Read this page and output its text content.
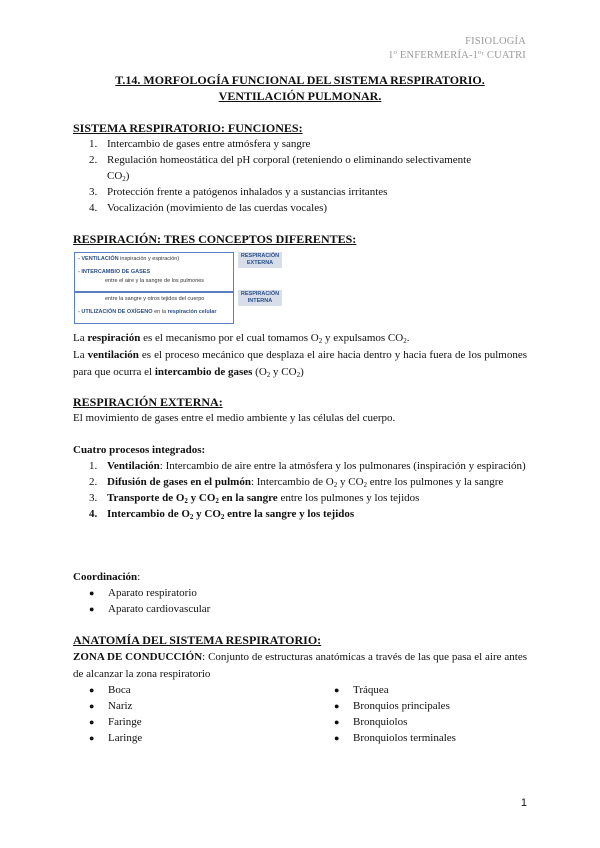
FISIOLOGÍA
1º ENFERMERÍA-1ºʳ CUATRI
T.14. MORFOLOGÍA FUNCIONAL DEL SISTEMA RESPIRATORIO.
VENTILACIÓN PULMONAR.
SISTEMA RESPIRATORIO: FUNCIONES:
1. Intercambio de gases entre atmósfera y sangre
2. Regulación homeostática del pH corporal (reteniendo o eliminando selectivamente
$CO_2$)
3. Protección frente a patógenos inhalados y a sustancias irritantes
4. Vocalización (movimiento de las cuerdas vocales)
RESPIRACIÓN: TRES CONCEPTOS DIFERENTES:
- VENTILACIÓN inspiración y espiración)
- INTERCAMBIO DE GASES
entre el aire y la sangre de los pulmones
entre la sangre y otros tejidos del cuerpo
- UTILIZACIÓN DE OXÍGENO en la respiración celular
RESPIRACIÓN EXTERNA
RESPIRACIÓN INTERNA
La respiración es el mecanismo por el cual tomamos $O_2$ y expulsamos $CO_2$.
La ventilación es el proceso mecánico que desplaza el aire hacia dentro y hacia fuera de los pulmones para que ocurra el intercambio de gases ($O_2$ y $CO_2$)
RESPIRACIÓN EXTERNA:
El movimiento de gases entre el medio ambiente y las células del cuerpo.
Cuatro procesos integrados:
1. Ventilación: Intercambio de aire entre la atmósfera y los pulmonares (inspiración y espiración)
2. Difusión de gases en el pulmón: Intercambio de $O_2$ y $CO_2$ entre los pulmones y la sangre
3. Transporte de $O_2$ y $CO_2$ en la sangre entre los pulmones y los tejidos
4. Intercambio de $O_2$ y $CO_2$ entre la sangre y los tejidos
Coordinación:
●	Aparato respiratorio
●	Aparato cardiovascular
ANATOMÍA DEL SISTEMA RESPIRATORIO:
ZONA DE CONDUCCIÓN: Conjunto de estructuras anatómicas a través de las que pasa el aire antes de alcanzar la zona respiratorio
●	Boca
●	Nariz
●	Faringe
●	Laringe
●	Tráquea
●	Bronquios principales
●	Bronquiolos
●	Bronquiolos terminales
1
